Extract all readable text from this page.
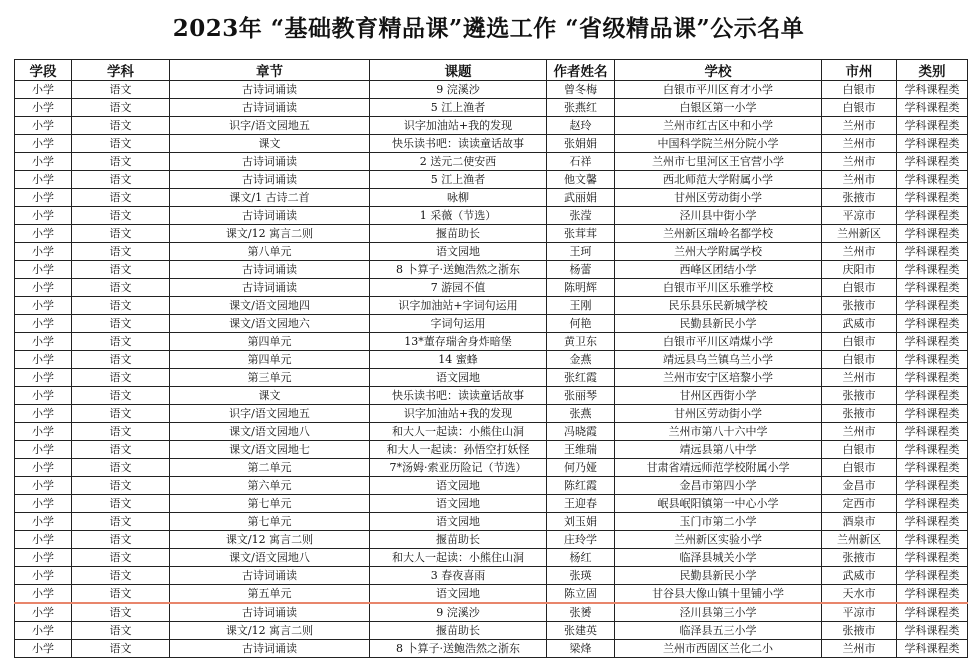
2023年 “基础教育精品课”遴选工作 “省级精品课”公示名单
学段	学科	章节	课题	作者姓名	学校	市州	类别
小学	语文	古诗词诵读	9 浣溪沙	曾冬梅	白银市平川区育才小学	白银市	学科课程类
小学	语文	古诗词诵读	5 江上渔者	张燕红	白银区第一小学	白银市	学科课程类
小学	语文	识字/语文园地五	识字加油站+我的发现	赵玲	兰州市红古区中和小学	兰州市	学科课程类
小学	语文	课文	快乐读书吧：读读童话故事	张娟娟	中国科学院兰州分院小学	兰州市	学科课程类
小学	语文	古诗词诵读	2 送元二使安西	石祥	兰州市七里河区王官营小学	兰州市	学科课程类
小学	语文	古诗词诵读	5 江上渔者	他文馨	西北师范大学附属小学	兰州市	学科课程类
小学	语文	课文/1 古诗二首	咏柳	武丽娟	甘州区劳动街小学	张掖市	学科课程类
小学	语文	古诗词诵读	1 采薇（节选）	张滢	泾川县中街小学	平凉市	学科课程类
小学	语文	课文/12 寓言二则	揠苗助长	张茸茸	兰州新区瑞岭名都学校	兰州新区	学科课程类
小学	语文	第八单元	语文园地	王珂	兰州大学附属学校	兰州市	学科课程类
小学	语文	古诗词诵读	8 卜算子·送鲍浩然之浙东	杨蕾	西峰区团结小学	庆阳市	学科课程类
小学	语文	古诗词诵读	7 游园不值	陈明辉	白银市平川区乐雅学校	白银市	学科课程类
小学	语文	课文/语文园地四	识字加油站+字词句运用	王刚	民乐县乐民新城学校	张掖市	学科课程类
小学	语文	课文/语文园地六	字词句运用	何艳	民勤县新民小学	武威市	学科课程类
小学	语文	第四单元	13*董存瑞舍身炸暗堡	黄卫东	白银市平川区靖煤小学	白银市	学科课程类
小学	语文	第四单元	14 蜜蜂	金燕	靖远县乌兰镇乌兰小学	白银市	学科课程类
小学	语文	第三单元	语文园地	张红霞	兰州市安宁区培黎小学	兰州市	学科课程类
小学	语文	课文	快乐读书吧：读读童话故事	张丽琴	甘州区西街小学	张掖市	学科课程类
小学	语文	识字/语文园地五	识字加油站+我的发现	张燕	甘州区劳动街小学	张掖市	学科课程类
小学	语文	课文/语文园地八	和大人一起读：小熊住山洞	冯晓霞	兰州市第八十六中学	兰州市	学科课程类
小学	语文	课文/语文园地七	和大人一起读：孙悟空打妖怪	王维瑞	靖远县第八中学	白银市	学科课程类
小学	语文	第二单元	7*汤姆·索亚历险记（节选）	何乃娅	甘肃省靖远师范学校附属小学	白银市	学科课程类
小学	语文	第六单元	语文园地	陈红霞	金昌市第四小学	金昌市	学科课程类
小学	语文	第七单元	语文园地	王迎春	岷县岷阳镇第一中心小学	定西市	学科课程类
小学	语文	第七单元	语文园地	刘玉娟	玉门市第二小学	酒泉市	学科课程类
小学	语文	课文/12 寓言二则	揠苗助长	庄玲学	兰州新区实验小学	兰州新区	学科课程类
小学	语文	课文/语文园地八	和大人一起读：小熊住山洞	杨红	临泽县城关小学	张掖市	学科课程类
小学	语文	古诗词诵读	3 春夜喜雨	张瑛	民勤县新民小学	武威市	学科课程类
小学	语文	第五单元	语文园地	陈立固	甘谷县大像山镇十里铺小学	天水市	学科课程类
小学	语文	古诗词诵读	9 浣溪沙	张赟	泾川县第三小学	平凉市	学科课程类
小学	语文	课文/12 寓言二则	揠苗助长	张建英	临泽县五三小学	张掖市	学科课程类
小学	语文	古诗词诵读	8 卜算子·送鲍浩然之浙东	梁烽	兰州市西固区兰化二小	兰州市	学科课程类
